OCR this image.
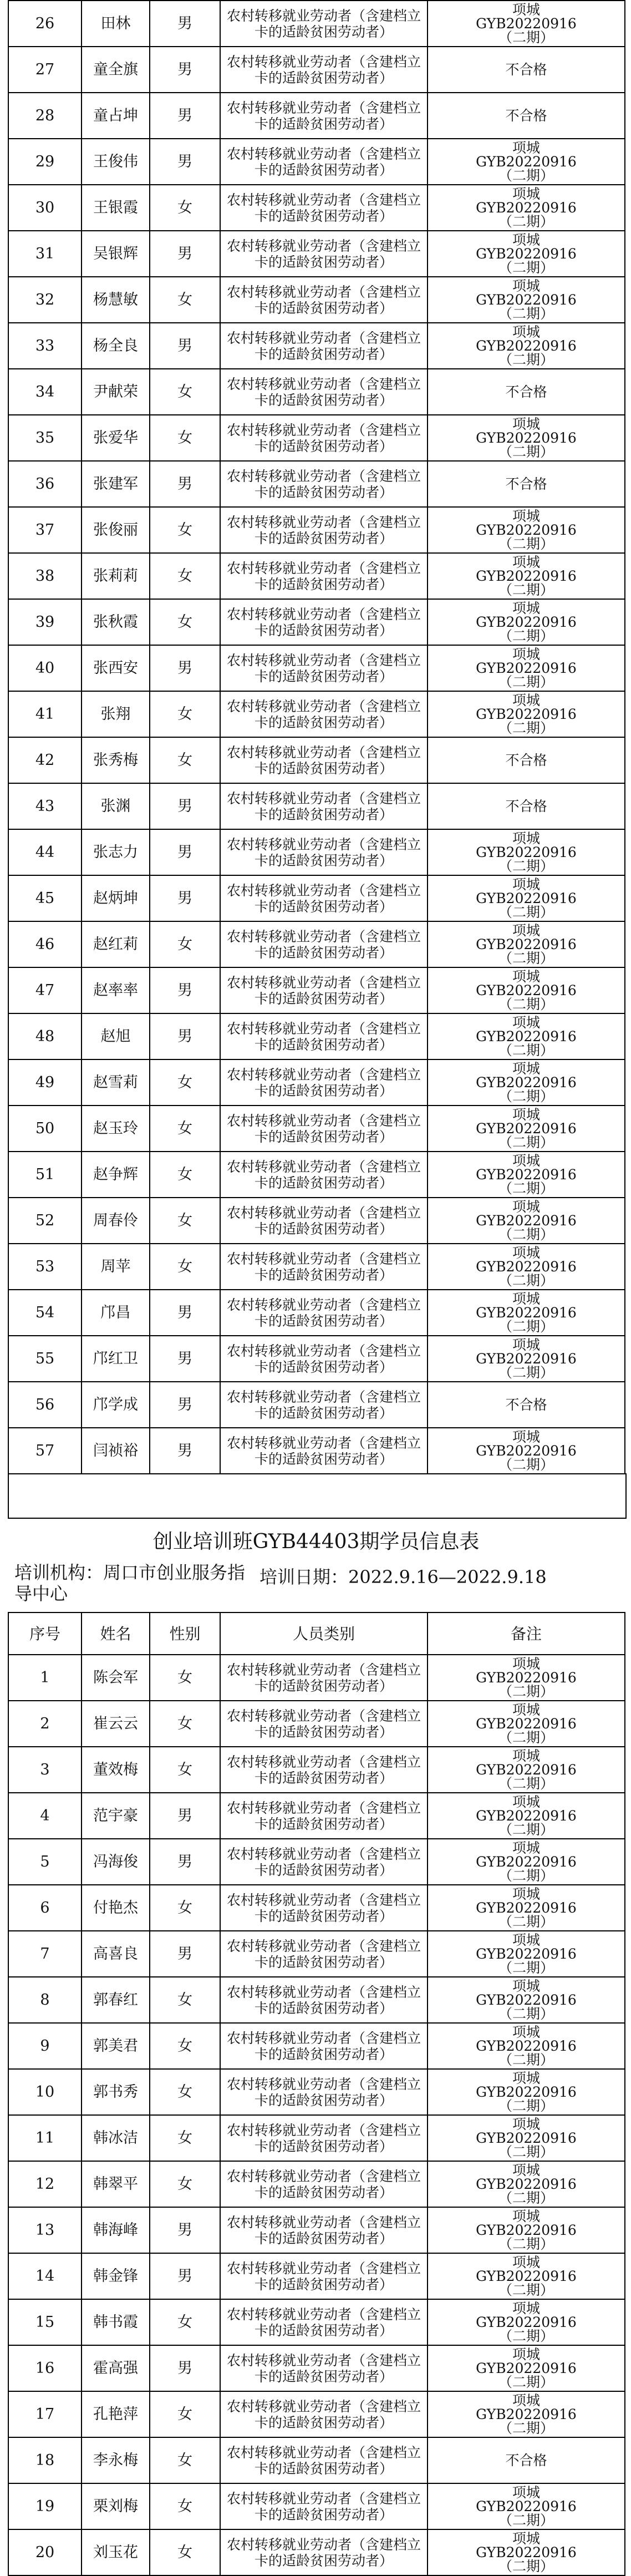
26	田林	男	农村转移就业劳动者（含建档立卡的适龄贫困劳动者）	项城
GYB20220916
（二期）

27	童全旗	男	农村转移就业劳动者（含建档立卡的适龄贫困劳动者）	不合格
28	童占坤	男	农村转移就业劳动者（含建档立卡的适龄贫困劳动者）	不合格
29	王俊伟	男	农村转移就业劳动者（含建档立卡的适龄贫困劳动者）	项城
GYB20220916
（二期）

30	王银霞	女	农村转移就业劳动者（含建档立卡的适龄贫困劳动者）	项城
GYB20220916
（二期）

31	吴银辉	男	农村转移就业劳动者（含建档立卡的适龄贫困劳动者）	项城
GYB20220916
（二期）

32	杨慧敏	女	农村转移就业劳动者（含建档立卡的适龄贫困劳动者）	项城
GYB20220916
（二期）

33	杨全良	男	农村转移就业劳动者（含建档立卡的适龄贫困劳动者）	项城
GYB20220916
（二期）

34	尹献荣	女	农村转移就业劳动者（含建档立卡的适龄贫困劳动者）	不合格
35	张爱华	女	农村转移就业劳动者（含建档立卡的适龄贫困劳动者）	项城
GYB20220916
（二期）

36	张建军	男	农村转移就业劳动者（含建档立卡的适龄贫困劳动者）	不合格
37	张俊丽	女	农村转移就业劳动者（含建档立卡的适龄贫困劳动者）	项城
GYB20220916
（二期）

38	张莉莉	女	农村转移就业劳动者（含建档立卡的适龄贫困劳动者）	项城
GYB20220916
（二期）

39	张秋霞	女	农村转移就业劳动者（含建档立卡的适龄贫困劳动者）	项城
GYB20220916
（二期）

40	张西安	男	农村转移就业劳动者（含建档立卡的适龄贫困劳动者）	项城
GYB20220916
（二期）

41	张翔	女	农村转移就业劳动者（含建档立卡的适龄贫困劳动者）	项城
GYB20220916
（二期）

42	张秀梅	女	农村转移就业劳动者（含建档立卡的适龄贫困劳动者）	不合格
43	张渊	男	农村转移就业劳动者（含建档立卡的适龄贫困劳动者）	不合格
44	张志力	男	农村转移就业劳动者（含建档立卡的适龄贫困劳动者）	项城
GYB20220916
（二期）

45	赵炳坤	男	农村转移就业劳动者（含建档立卡的适龄贫困劳动者）	项城
GYB20220916
（二期）

46	赵红莉	女	农村转移就业劳动者（含建档立卡的适龄贫困劳动者）	项城
GYB20220916
（二期）

47	赵率率	男	农村转移就业劳动者（含建档立卡的适龄贫困劳动者）	项城
GYB20220916
（二期）

48	赵旭	男	农村转移就业劳动者（含建档立卡的适龄贫困劳动者）	项城
GYB20220916
（二期）

49	赵雪莉	女	农村转移就业劳动者（含建档立卡的适龄贫困劳动者）	项城
GYB20220916
（二期）

50	赵玉玲	女	农村转移就业劳动者（含建档立卡的适龄贫困劳动者）	项城
GYB20220916
（二期）

51	赵争辉	女	农村转移就业劳动者（含建档立卡的适龄贫困劳动者）	项城
GYB20220916
（二期）

52	周春伶	女	农村转移就业劳动者（含建档立卡的适龄贫困劳动者）	项城
GYB20220916
（二期）

53	周苹	女	农村转移就业劳动者（含建档立卡的适龄贫困劳动者）	项城
GYB20220916
（二期）

54	邝昌	男	农村转移就业劳动者（含建档立卡的适龄贫困劳动者）	项城
GYB20220916
（二期）

55	邝红卫	男	农村转移就业劳动者（含建档立卡的适龄贫困劳动者）	项城
GYB20220916
（二期）

56	邝学成	男	农村转移就业劳动者（含建档立卡的适龄贫困劳动者）	不合格
57	闫祯裕	男	农村转移就业劳动者（含建档立卡的适龄贫困劳动者）	项城
GYB20220916
（二期）
创业培训班GYB44403期学员信息表
培训机构：周口市创业服务指导中心
培训日期：2022.9.16—2022.9.18
序号	姓名	性别	人员类别	备注
1	陈会军	女	农村转移就业劳动者（含建档立卡的适龄贫困劳动者）	项城
GYB20220916
（二期）

2	崔云云	女	农村转移就业劳动者（含建档立卡的适龄贫困劳动者）	项城
GYB20220916
（二期）

3	董效梅	女	农村转移就业劳动者（含建档立卡的适龄贫困劳动者）	项城
GYB20220916
（二期）

4	范宇豪	男	农村转移就业劳动者（含建档立卡的适龄贫困劳动者）	项城
GYB20220916
（二期）

5	冯海俊	男	农村转移就业劳动者（含建档立卡的适龄贫困劳动者）	项城
GYB20220916
（二期）

6	付艳杰	女	农村转移就业劳动者（含建档立卡的适龄贫困劳动者）	项城
GYB20220916
（二期）

7	高喜良	男	农村转移就业劳动者（含建档立卡的适龄贫困劳动者）	项城
GYB20220916
（二期）

8	郭春红	女	农村转移就业劳动者（含建档立卡的适龄贫困劳动者）	项城
GYB20220916
（二期）

9	郭美君	女	农村转移就业劳动者（含建档立卡的适龄贫困劳动者）	项城
GYB20220916
（二期）

10	郭书秀	女	农村转移就业劳动者（含建档立卡的适龄贫困劳动者）	项城
GYB20220916
（二期）

11	韩冰洁	女	农村转移就业劳动者（含建档立卡的适龄贫困劳动者）	项城
GYB20220916
（二期）

12	韩翠平	女	农村转移就业劳动者（含建档立卡的适龄贫困劳动者）	项城
GYB20220916
（二期）

13	韩海峰	男	农村转移就业劳动者（含建档立卡的适龄贫困劳动者）	项城
GYB20220916
（二期）

14	韩金锋	男	农村转移就业劳动者（含建档立卡的适龄贫困劳动者）	项城
GYB20220916
（二期）

15	韩书霞	女	农村转移就业劳动者（含建档立卡的适龄贫困劳动者）	项城
GYB20220916
（二期）

16	霍高强	男	农村转移就业劳动者（含建档立卡的适龄贫困劳动者）	项城
GYB20220916
（二期）

17	孔艳萍	女	农村转移就业劳动者（含建档立卡的适龄贫困劳动者）	项城
GYB20220916
（二期）

18	李永梅	女	农村转移就业劳动者（含建档立卡的适龄贫困劳动者）	不合格
19	栗刘梅	女	农村转移就业劳动者（含建档立卡的适龄贫困劳动者）	项城
GYB20220916
（二期）

20	刘玉花	女	农村转移就业劳动者（含建档立卡的适龄贫困劳动者）	项城
GYB20220916
（二期）
